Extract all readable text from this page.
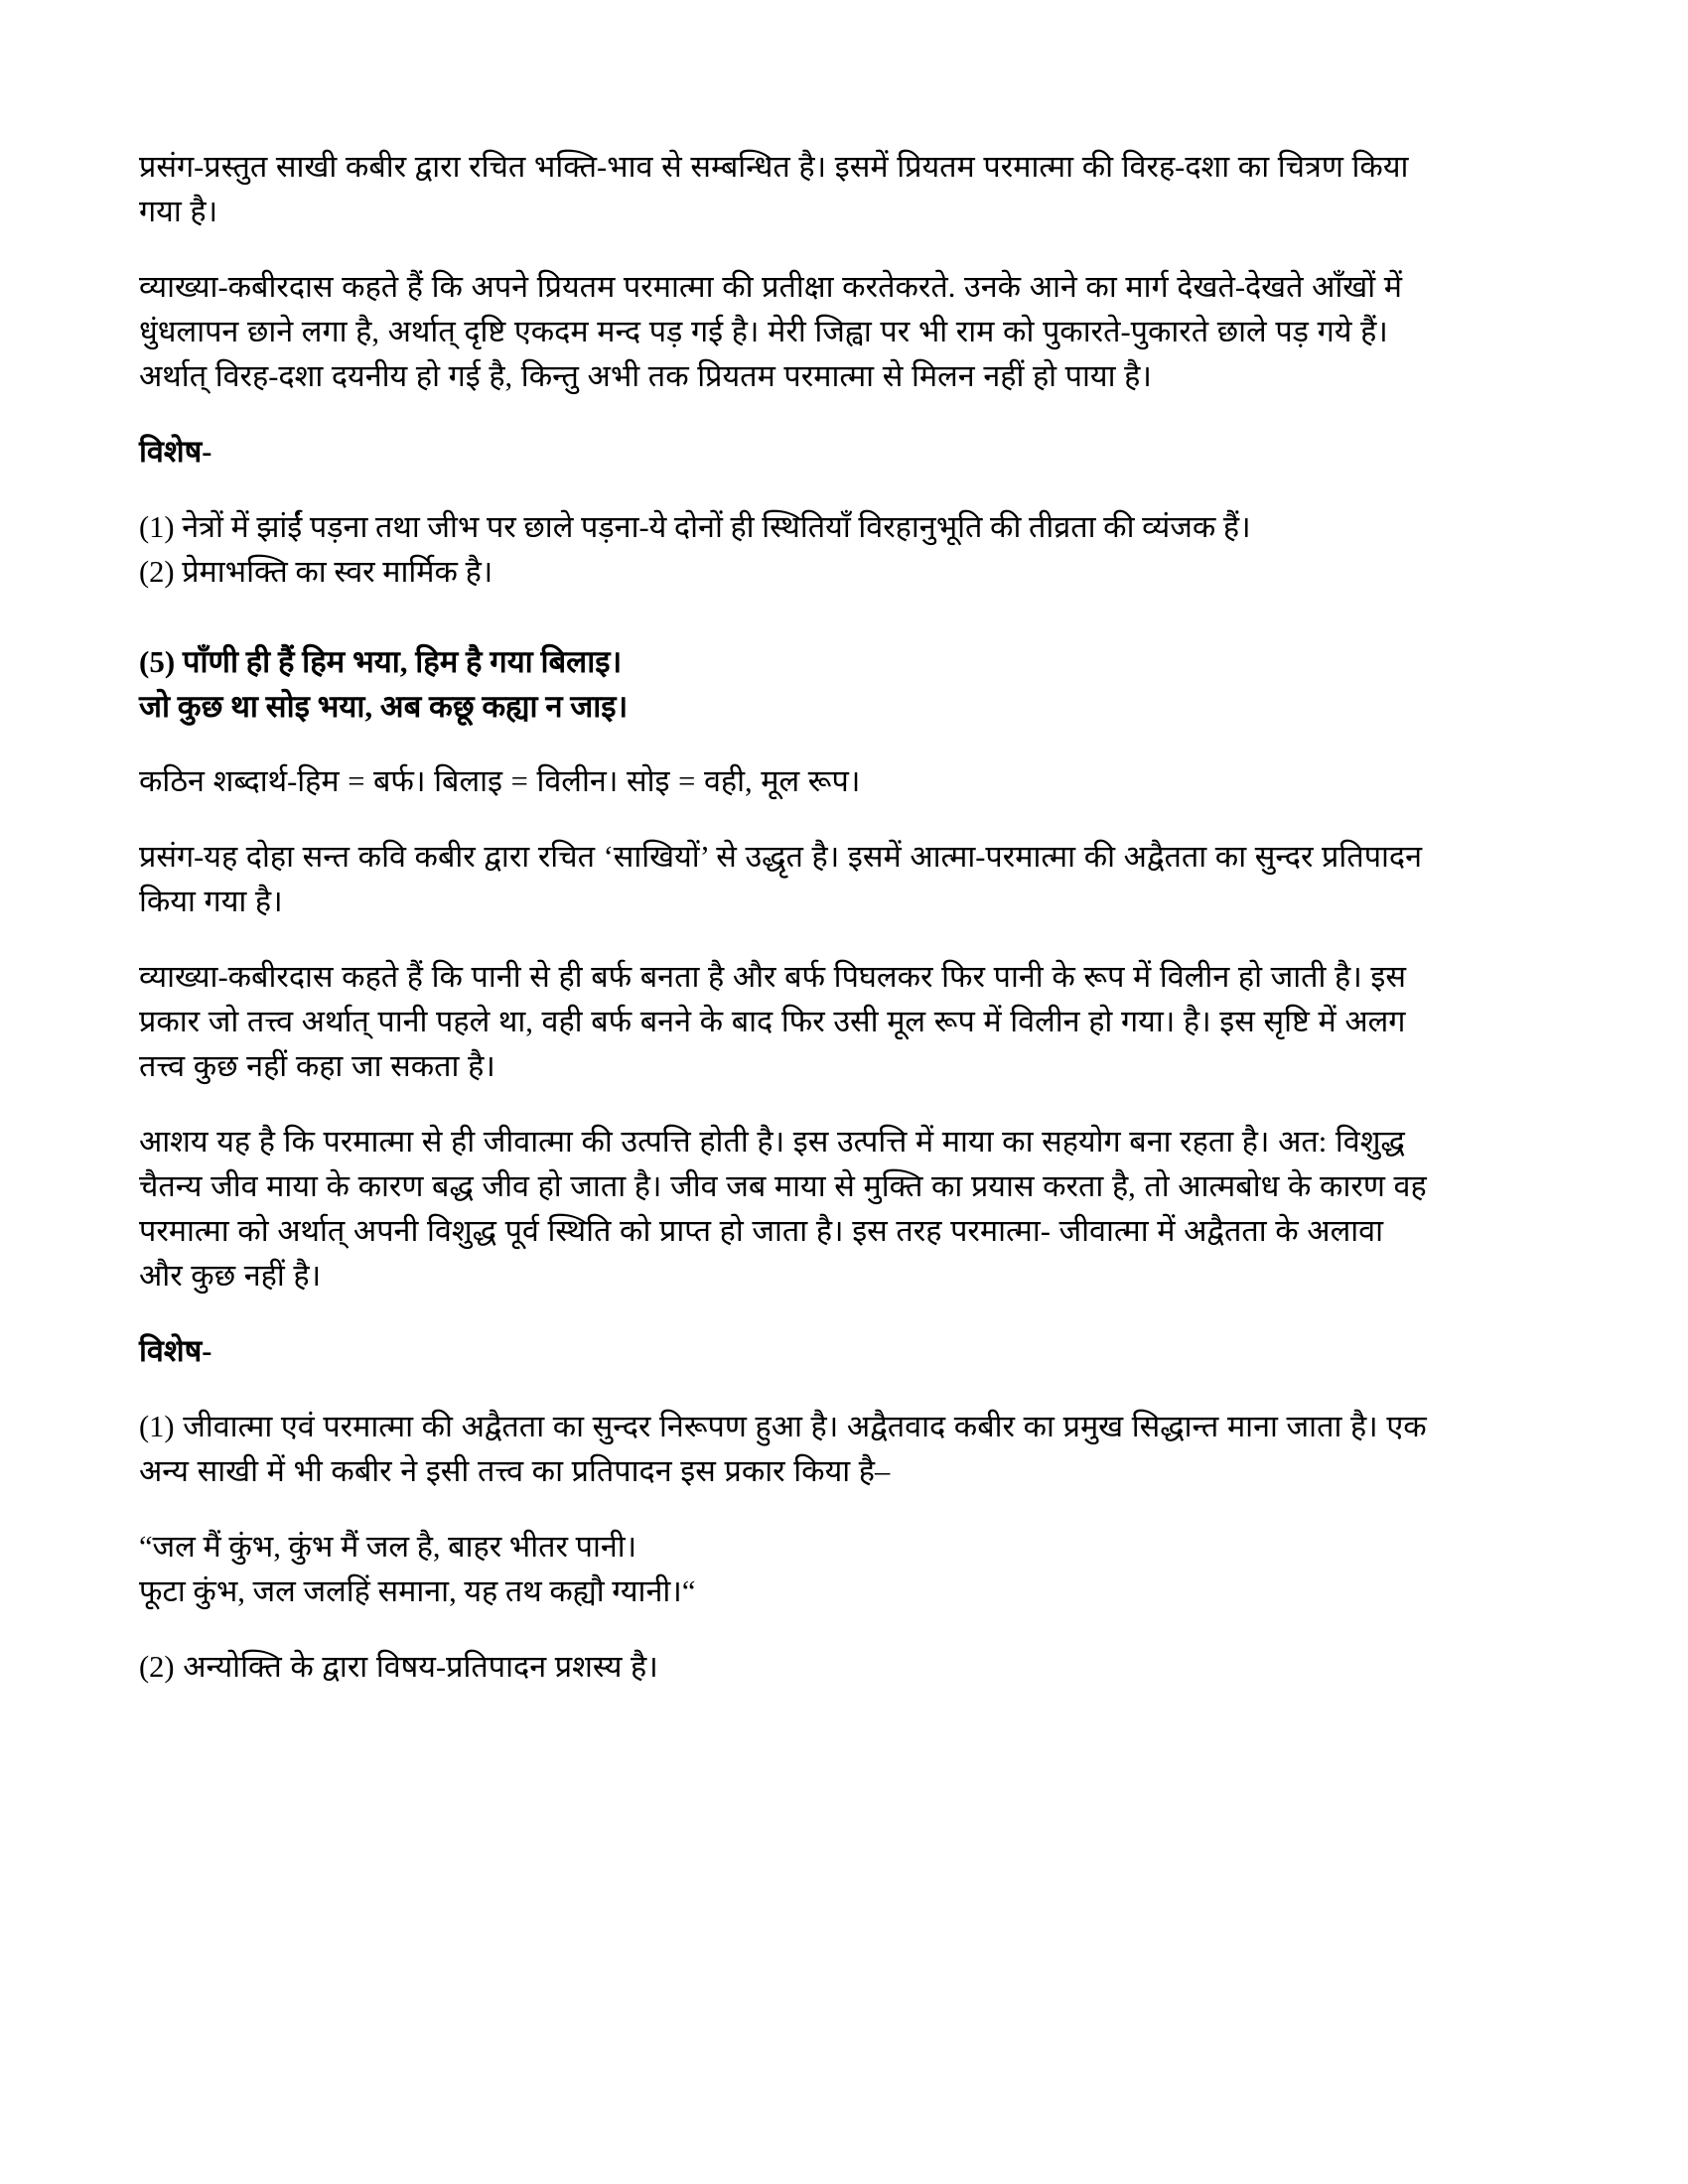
प्रसंग-प्रस्तुत साखी कबीर द्वारा रचित भक्ति-भाव से सम्बन्धित है। इसमें प्रियतम परमात्मा की विरह-दशा का चित्रण किया गया है।

व्याख्या-कबीरदास कहते हैं कि अपने प्रियतम परमात्मा की प्रतीक्षा करतेकरते. उनके आने का मार्ग देखते-देखते आँखों में धुंधलापन छाने लगा है, अर्थात् दृष्टि एकदम मन्द पड़ गई है। मेरी जिह्वा पर भी राम को पुकारते-पुकारते छाले पड़ गये हैं। अर्थात् विरह-दशा दयनीय हो गई है, किन्तु अभी तक प्रियतम परमात्मा से मिलन नहीं हो पाया है।

विशेष-

(1) नेत्रों में झांईं पड़ना तथा जीभ पर छाले पड़ना-ये दोनों ही स्थितियाँ विरहानुभूति की तीव्रता की व्यंजक हैं।

(2) प्रेमाभक्ति का स्वर मार्मिक है।

(5) पाँणी ही हैं हिम भया, हिम है गया बिलाइ।
जो कुछ था सोइ भया, अब कछू कह्या न जाइ।

कठिन शब्दार्थ-हिम = बर्फ। बिलाइ = विलीन। सोइ = वही, मूल रूप।

प्रसंग-यह दोहा सन्त कवि कबीर द्वारा रचित ‘साखियों’ से उद्धृत है। इसमें आत्मा-परमात्मा की अद्वैतता का सुन्दर प्रतिपादन किया गया है।

व्याख्या-कबीरदास कहते हैं कि पानी से ही बर्फ बनता है और बर्फ पिघलकर फिर पानी के रूप में विलीन हो जाती है। इस प्रकार जो तत्त्व अर्थात् पानी पहले था, वही बर्फ बनने के बाद फिर उसी मूल रूप में विलीन हो गया। है। इस सृष्टि में अलग तत्त्व कुछ नहीं कहा जा सकता है।

आशय यह है कि परमात्मा से ही जीवात्मा की उत्पत्ति होती है। इस उत्पत्ति में माया का सहयोग बना रहता है। अत: विशुद्ध चैतन्य जीव माया के कारण बद्ध जीव हो जाता है। जीव जब माया से मुक्ति का प्रयास करता है, तो आत्मबोध के कारण वह परमात्मा को अर्थात् अपनी विशुद्ध पूर्व स्थिति को प्राप्त हो जाता है। इस तरह परमात्मा- जीवात्मा में अद्वैतता के अलावा और कुछ नहीं है।

विशेष-

(1) जीवात्मा एवं परमात्मा की अद्वैतता का सुन्दर निरूपण हुआ है। अद्वैतवाद कबीर का प्रमुख सिद्धान्त माना जाता है। एक अन्य साखी में भी कबीर ने इसी तत्त्व का प्रतिपादन इस प्रकार किया है–

“जल मैं कुंभ, कुंभ मैं जल है, बाहर भीतर पानी।
फूटा कुंभ, जल जलहिं समाना, यह तथ कह्यौ ग्यानी।“

(2) अन्योक्ति के द्वारा विषय-प्रतिपादन प्रशस्य है।
